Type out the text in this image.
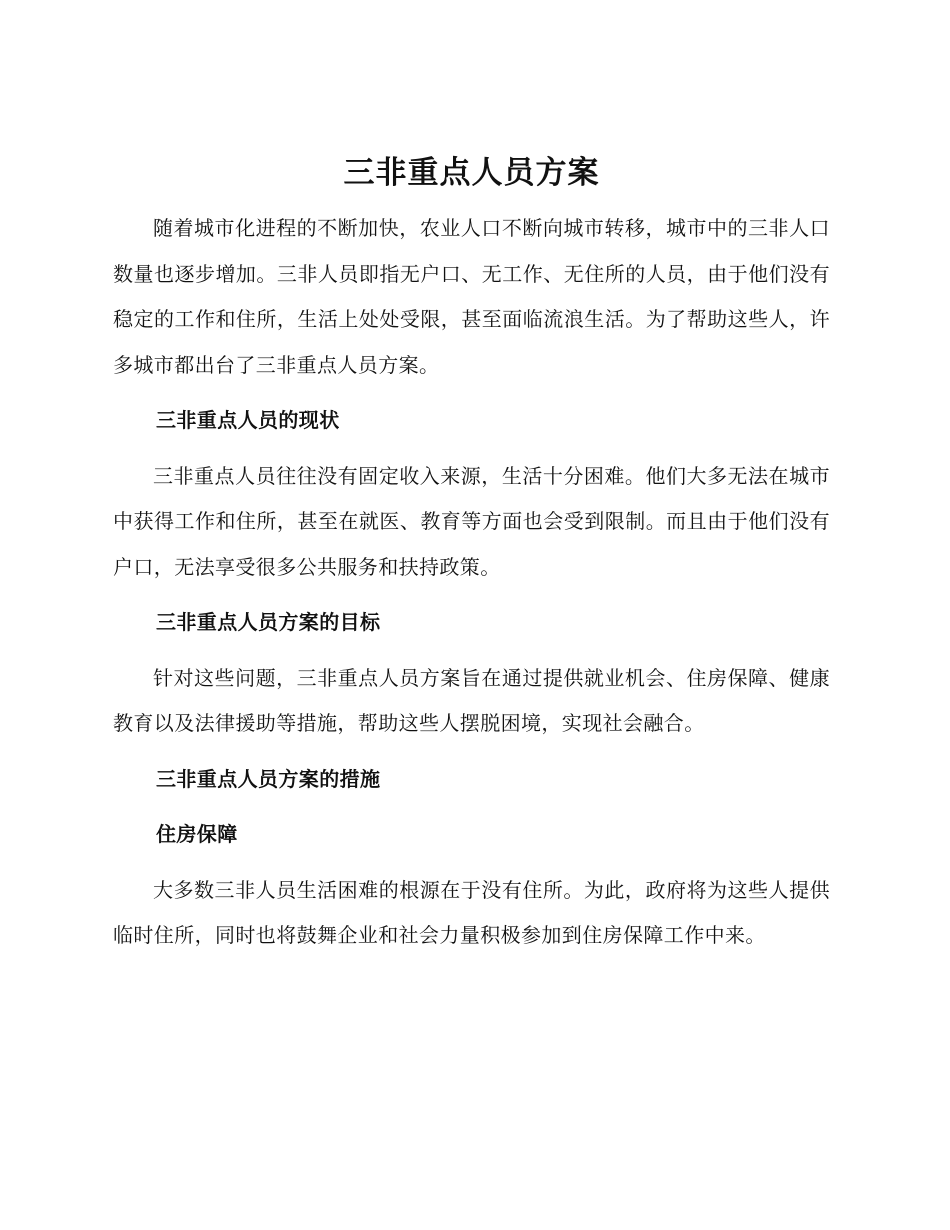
三非重点人员方案

随着城市化进程的不断加快，农业人口不断向城市转移，城市中的三非人口数量也逐步增加。三非人员即指无户口、无工作、无住所的人员，由于他们没有稳定的工作和住所，生活上处处受限，甚至面临流浪生活。为了帮助这些人，许多城市都出台了三非重点人员方案。

三非重点人员的现状

三非重点人员往往没有固定收入来源，生活十分困难。他们大多无法在城市中获得工作和住所，甚至在就医、教育等方面也会受到限制。而且由于他们没有户口，无法享受很多公共服务和扶持政策。

三非重点人员方案的目标

针对这些问题，三非重点人员方案旨在通过提供就业机会、住房保障、健康教育以及法律援助等措施，帮助这些人摆脱困境，实现社会融合。

三非重点人员方案的措施

住房保障

大多数三非人员生活困难的根源在于没有住所。为此，政府将为这些人提供临时住所，同时也将鼓舞企业和社会力量积极参加到住房保障工作中来。
